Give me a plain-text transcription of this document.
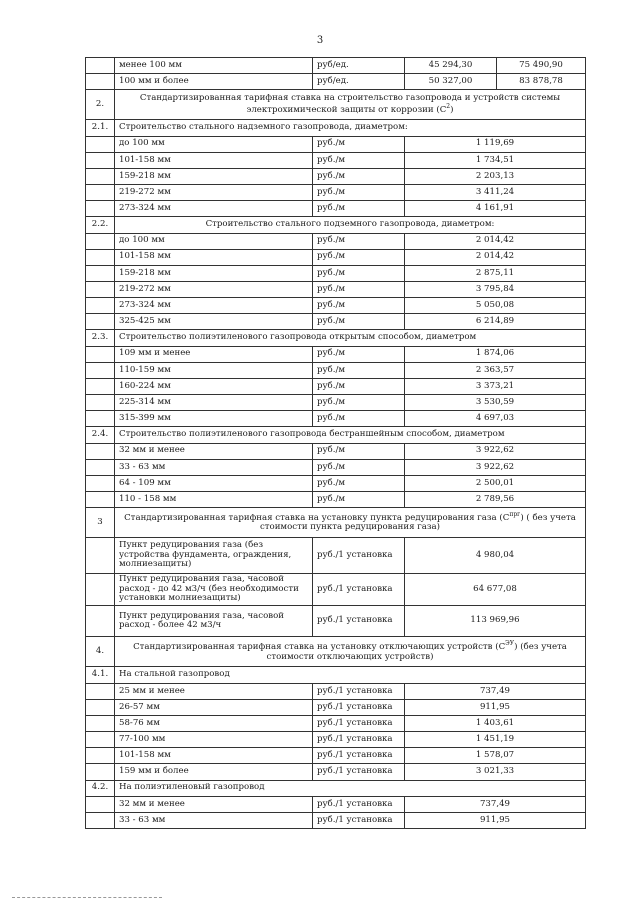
3
	менее 100 мм	руб/ед.	45 294,30	75 490,90
	100 мм и более	руб/ед.	50 327,00	83 878,78
2.	Стандартизированная тарифная ставка на строительство газопровода и устройств системы электрохимической защиты от коррозии $(С^2)$			
2.1.	Строительство стального надземного газопровода, диаметром:			
	до 100 мм	руб./м	1 119,69	
	101-158 мм	руб./м	1 734,51	
	159-218 мм	руб./м	2 203,13	
	219-272 мм	руб./м	3 411,24	
	273-324 мм	руб./м	4 161,91	
2.2.	Строительство стального подземного газопровода, диаметром:			
	до 100 мм	руб./м	2 014,42	
	101-158 мм	руб./м	2 014,42	
	159-218 мм	руб./м	2 875,11	
	219-272 мм	руб./м	3 795,84	
	273-324 мм	руб./м	5 050,08	
	325-425 мм	руб./м	6 214,89	
2.3.	Строительство полиэтиленового газопровода открытым способом, диаметром			
	109 мм и менее	руб./м	1 874,06	
	110-159 мм	руб./м	2 363,57	
	160-224 мм	руб./м	3 373,21	
	225-314 мм	руб./м	3 530,59	
	315-399 мм	руб./м	4 697,03	
2.4.	Строительство полиэтиленового газопровода бестраншейным способом, диаметром			
	32 мм и менее	руб./м	3 922,62	
	33 - 63 мм	руб./м	3 922,62	
	64 - 109 мм	руб./м	2 500,01	
	110 - 158 мм	руб./м	2 789,56	
3	Стандартизированная тарифная ставка на установку пункта редуцирования газа $(С^{прг})$ ( без учета стоимости пункта редуцирования газа)			
	Пункт редуцирования газа (без устройства фундамента, ограждения, молниезащиты)	руб./1 установка	4 980,04	
	Пункт редуцирования газа, часовой расход - до 42 м3/ч (без необходимости установки молниезащиты)	руб./1 установка	64 677,08	
	Пункт редуцирования газа, часовой расход - более 42 м3/ч	руб./1 установка	113 969,96	
4.	Стандартизированная тарифная ставка на установку отключающих устройств $(С^{ЭУ})$ (без учета стоимости отключающих устройств)			
4.1.	На стальной газопровод			
	25 мм и менее	руб./1 установка	737,49	
	26-57 мм	руб./1 установка	911,95	
	58-76 мм	руб./1 установка	1 403,61	
	77-100 мм	руб./1 установка	1 451,19	
	101-158 мм	руб./1 установка	1 578,07	
	159 мм и более	руб./1 установка	3 021,33	
4.2.	На полиэтиленовый газопровод			
	32 мм и менее	руб./1 установка	737,49	
	33 - 63 мм	руб./1 установка	911,95	
